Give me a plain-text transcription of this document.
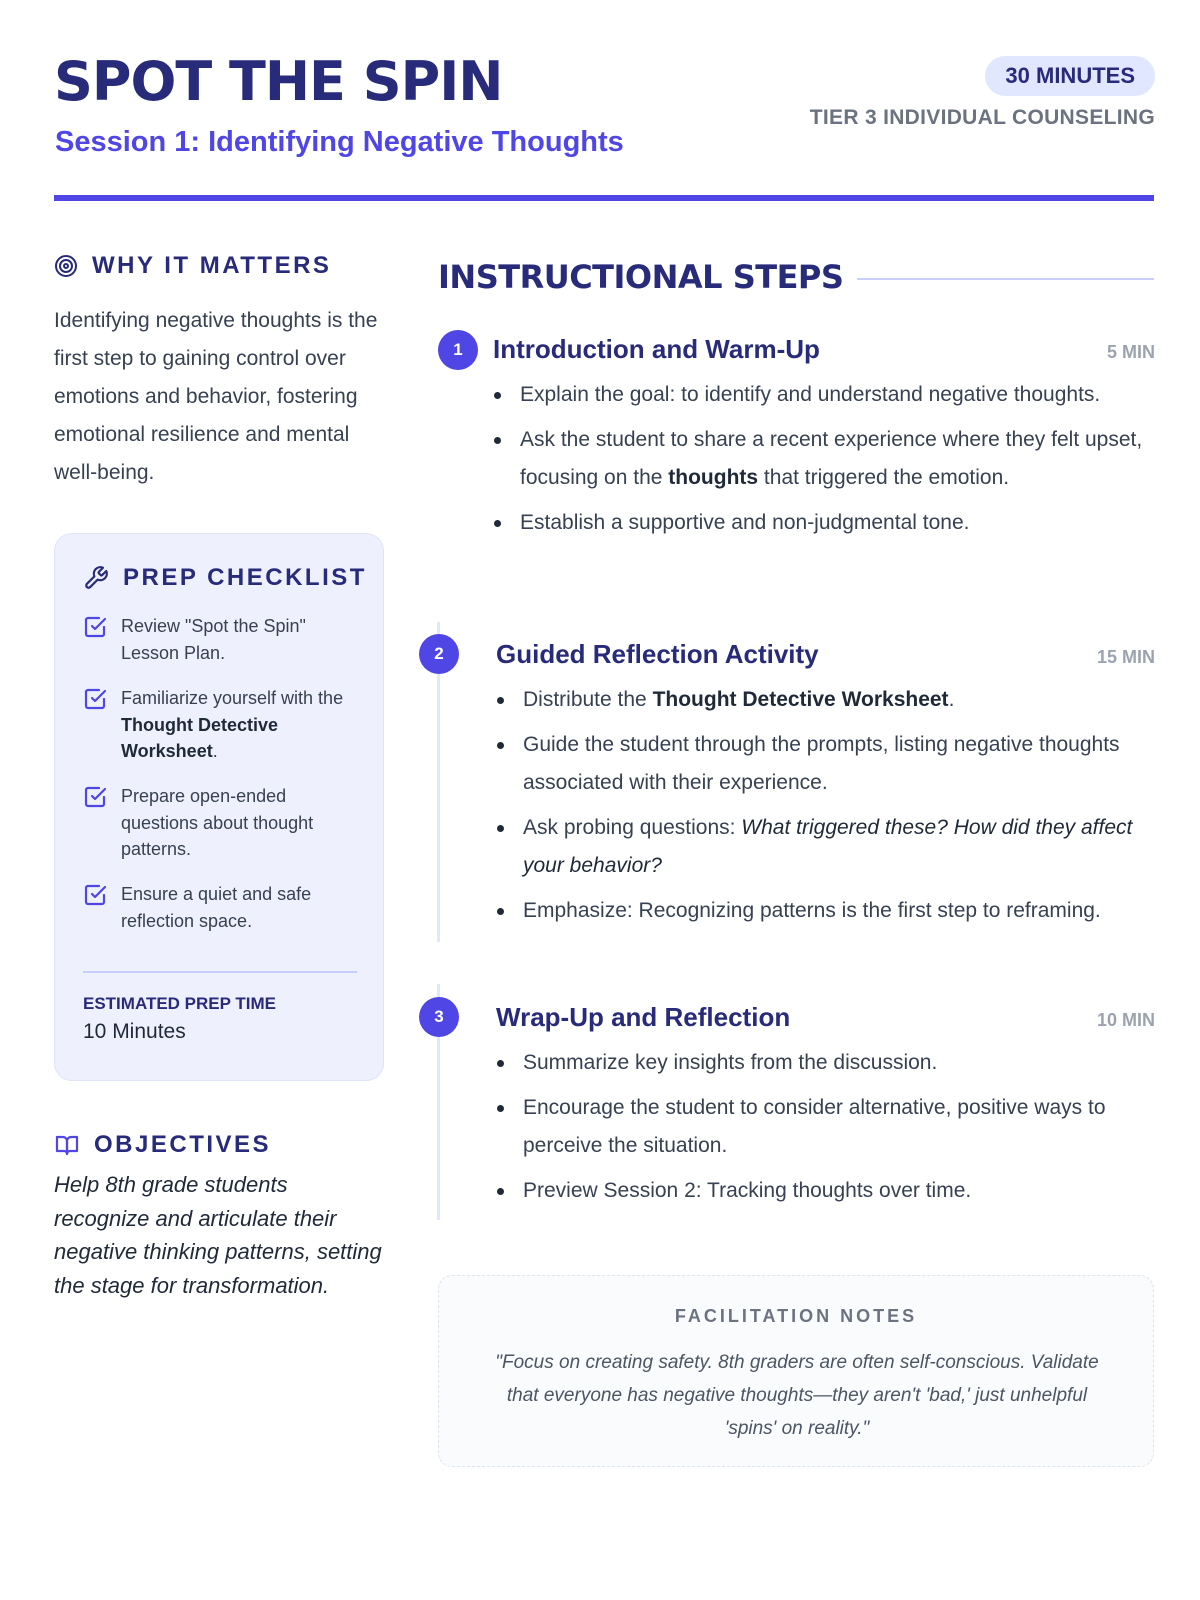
SPOT THE SPIN
Session 1: Identifying Negative Thoughts
30 MINUTES
TIER 3 INDIVIDUAL COUNSELING
WHY IT MATTERS

Identifying negative thoughts is the first step to gaining control over emotions and behavior, fostering emotional resilience and mental well-being.

PREP CHECKLIST
Review "Spot the Spin" Lesson Plan.
Familiarize yourself with the Thought Detective Worksheet.
Prepare open-ended questions about thought patterns.
Ensure a quiet and safe reflection space.
ESTIMATED PREP TIME
10 Minutes
OBJECTIVES

Help 8th grade students recognize and articulate their negative thinking patterns, setting the stage for transformation.

INSTRUCTIONAL STEPS
1	Introduction and Warm-Up	5 MIN
Explain the goal: to identify and understand negative thoughts.
Ask the student to share a recent experience where they felt upset, focusing on the thoughts that triggered the emotion.
Establish a supportive and non-judgmental tone.
2	Guided Reflection Activity	15 MIN
Distribute the Thought Detective Worksheet.
Guide the student through the prompts, listing negative thoughts associated with their experience.
Ask probing questions: What triggered these? How did they affect your behavior?
Emphasize: Recognizing patterns is the first step to reframing.
3	Wrap-Up and Reflection	10 MIN
Summarize key insights from the discussion.
Encourage the student to consider alternative, positive ways to perceive the situation.
Preview Session 2: Tracking thoughts over time.
FACILITATION NOTES

"Focus on creating safety. 8th graders are often self-conscious. Validate that everyone has negative thoughts—they aren't 'bad,' just unhelpful 'spins' on reality."
